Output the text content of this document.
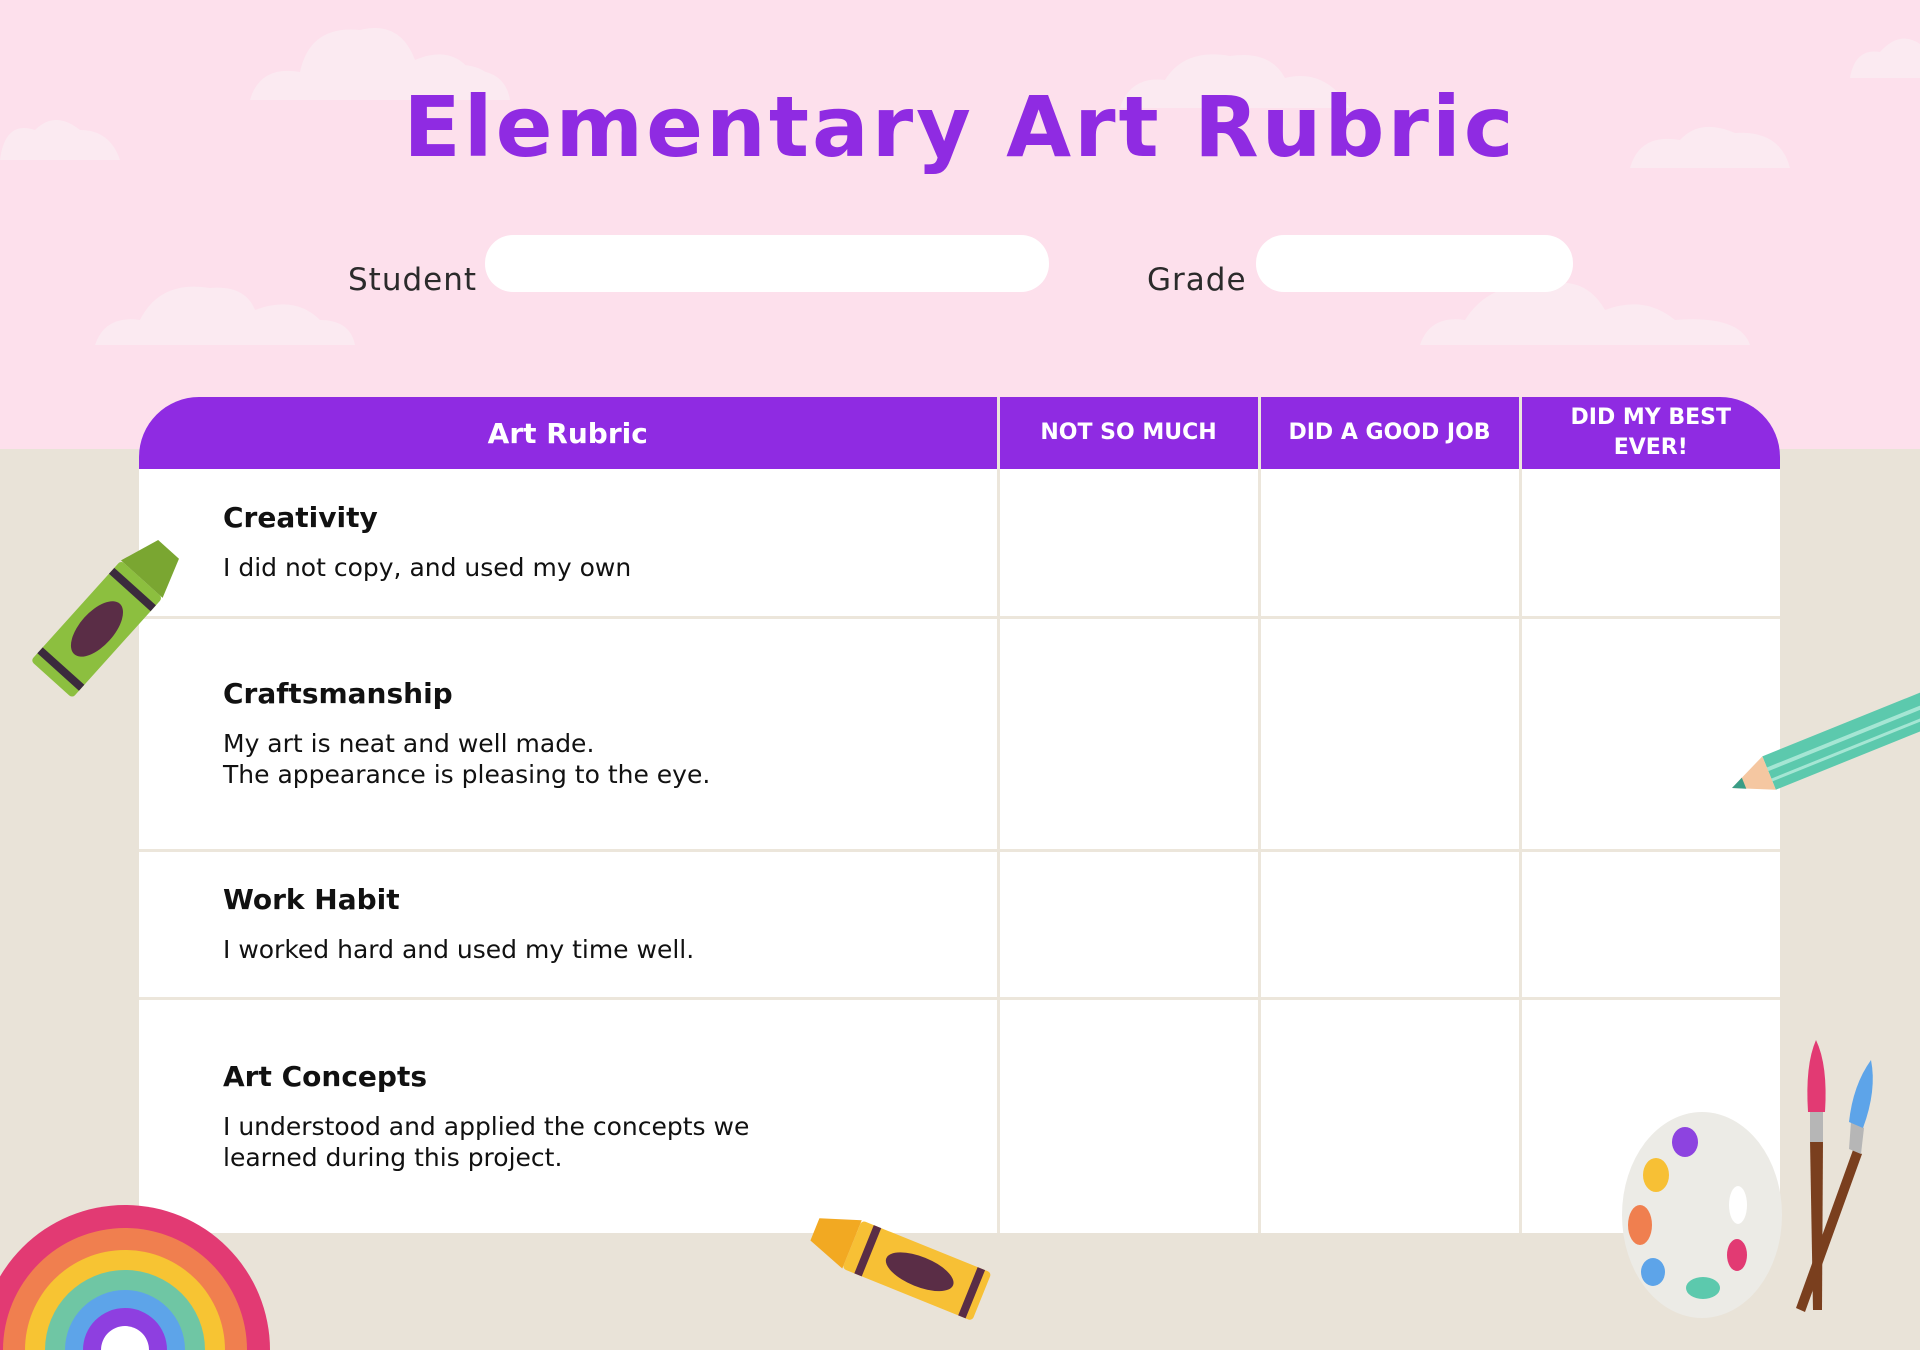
Elementary Art Rubric
Student	Grade
Art Rubric	NOT SO MUCH	DID A GOOD JOB	DID MY BEST EVER!

Creativity
I did not copy, and used my own			

Craftsmanship
My art is neat and well made.
The appearance is pleasing to the eye.			

Work Habit
I worked hard and used my time well.			

Art Concepts
I understood and applied the concepts we
learned during this project.			
